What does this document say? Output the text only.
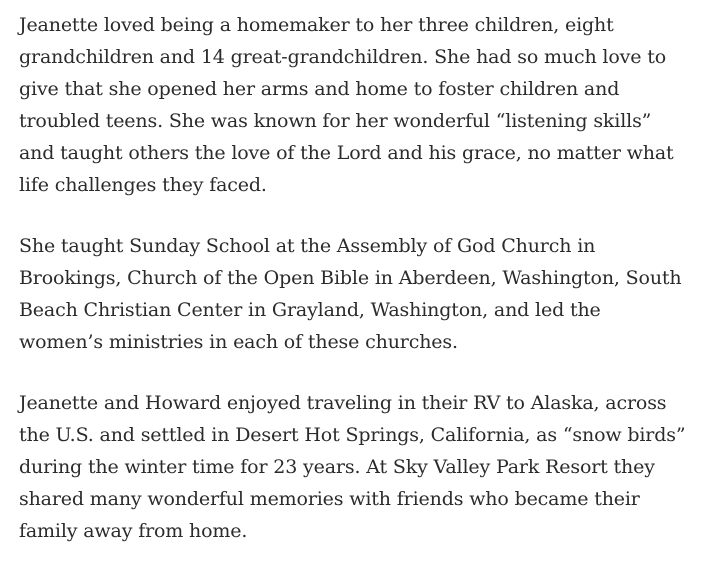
Jeanette loved being a homemaker to her three children, eight grandchildren and 14 great-grandchildren. She had so much love to give that she opened her arms and home to foster children and troubled teens. She was known for her wonderful “listening skills” and taught others the love of the Lord and his grace, no matter what life challenges they faced.

She taught Sunday School at the Assembly of God Church in Brookings, Church of the Open Bible in Aberdeen, Washington, South Beach Christian Center in Grayland, Washington, and led the women’s ministries in each of these churches.

Jeanette and Howard enjoyed traveling in their RV to Alaska, across the U.S. and settled in Desert Hot Springs, California, as “snow birds” during the winter time for 23 years. At Sky Valley Park Resort they shared many wonderful memories with friends who became their family away from home.
